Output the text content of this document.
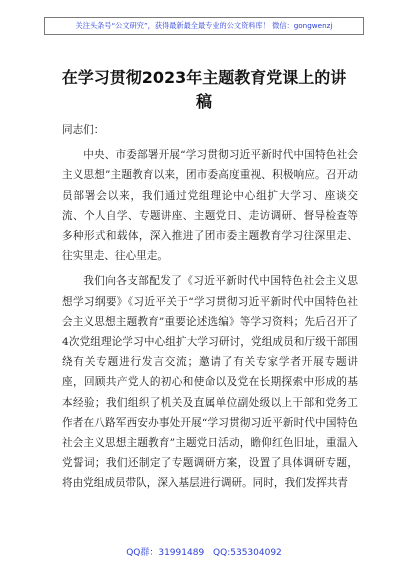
关注头条号“公文研究”，获得最新最全最专业的公文资料库！ 微信：gongwenzj
在学习贯彻2023年主题教育党课上的讲稿

同志们：

中央、市委部署开展“学习贯彻习近平新时代中国特色社会主义思想”主题教育以来，团市委高度重视、积极响应。召开动员部署会以来，我们通过党组理论中心组扩大学习、座谈交流、个人自学、专题讲座、主题党日、走访调研、督导检查等多种形式和载体，深入推进了团市委主题教育学习往深里走、往实里走、往心里走。

我们向各支部配发了《习近平新时代中国特色社会主义思想学习纲要》《习近平关于“学习贯彻习近平新时代中国特色社会主义思想主题教育”重要论述选编》等学习资料；先后召开了4次党组理论学习中心组扩大学习研讨，党组成员和厅级干部围绕有关专题进行发言交流；邀请了有关专家学者开展专题讲座，回顾共产党人的初心和使命以及党在长期探索中形成的基本经验；我们组织了机关及直属单位副处级以上干部和党务工作者在八路军西安办事处开展“学习贯彻习近平新时代中国特色社会主义思想主题教育”主题党日活动，瞻仰红色旧址，重温入党誓词；我们还制定了专题调研方案，设置了具体调研专题，将由党组成员带队，深入基层进行调研。同时，我们发挥共青

QQ群：31991489 QQ:535304092
